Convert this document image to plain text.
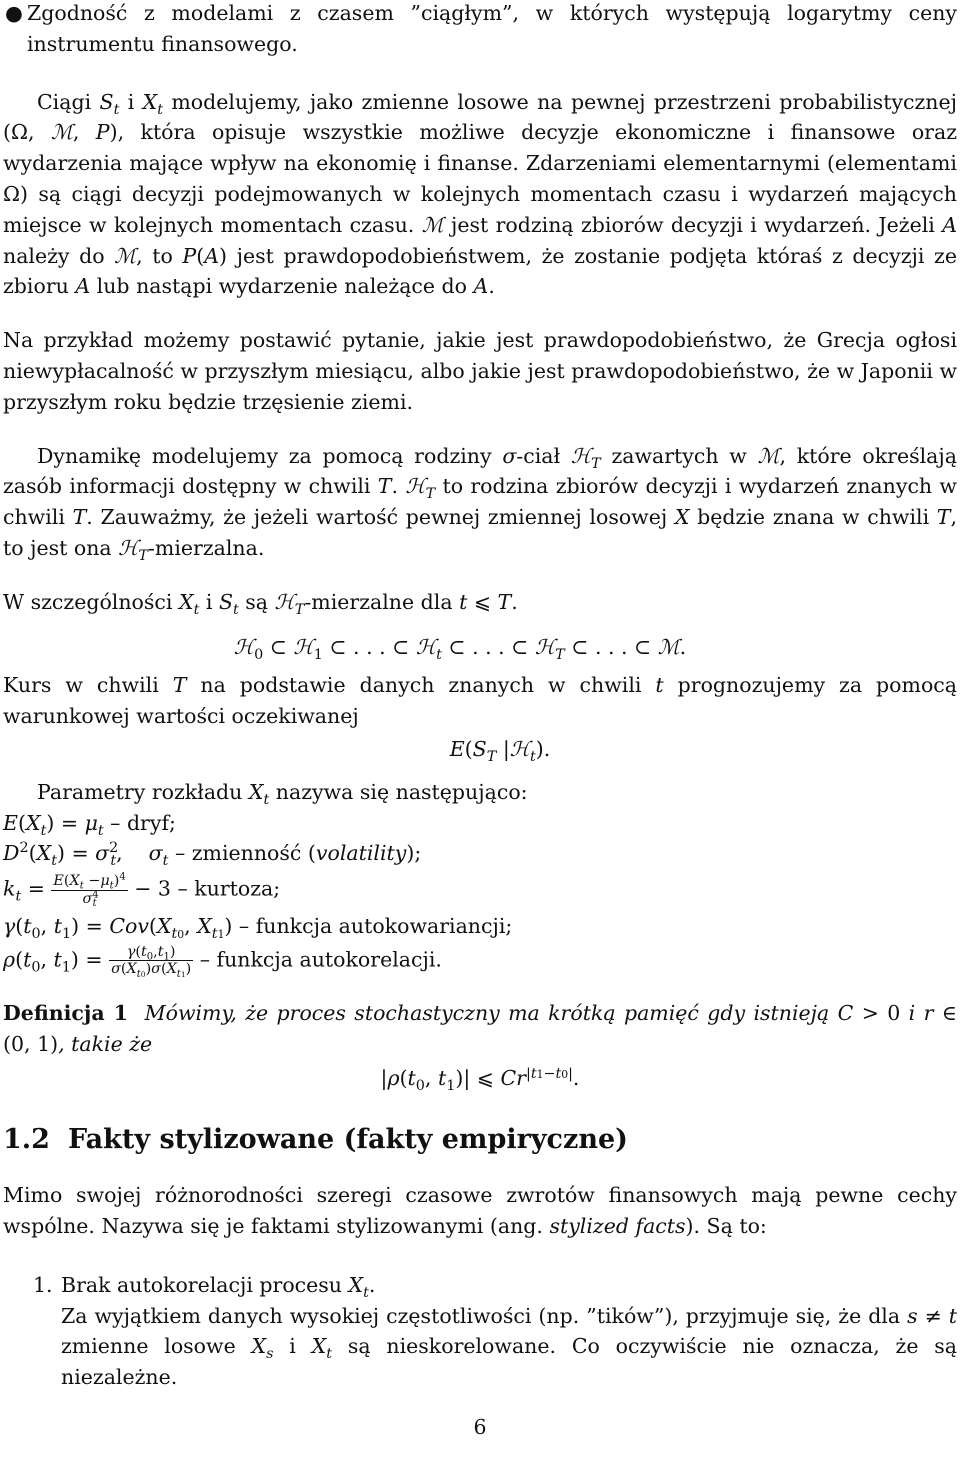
● Zgodność z modelami z czasem ”ciągłym”, w których występują logarytmy ceny instrumentu finansowego.

Ciągi $S_t$ i $X_t$ modelujemy, jako zmienne losowe na pewnej przestrzeni probabilistycznej (Ω, ℳ, P), która opisuje wszystkie możliwe decyzje ekonomiczne i finansowe oraz wydarzenia mające wpływ na ekonomię i finanse. Zdarzeniami elementarnymi (elementami Ω) są ciągi decyzji podejmowanych w kolejnych momentach czasu i wydarzeń mających miejsce w kolejnych momentach czasu. ℳ jest rodziną zbiorów decyzji i wydarzeń. Jeżeli A należy do ℳ, to P(A) jest prawdopodobieństwem, że zostanie podjęta któraś z decyzji ze zbioru A lub nastąpi wydarzenie należące do A.

Na przykład możemy postawić pytanie, jakie jest prawdopodobieństwo, że Grecja ogłosi niewypłacalność w przyszłym miesiącu, albo jakie jest prawdopodobieństwo, że w Japonii w przyszłym roku będzie trzęsienie ziemi.

Dynamikę modelujemy za pomocą rodziny σ-ciał ℋ$_T$ zawartych w ℳ, które określają zasób informacji dostępny w chwili T. ℋ$_T$ to rodzina zbiorów decyzji i wydarzeń znanych w chwili T. Zauważmy, że jeżeli wartość pewnej zmiennej losowej X będzie znana w chwili T, to jest ona ℋ$_T$-mierzalna.

W szczególności $X_t$ i $S_t$ są ℋ$_T$-mierzalne dla t ⩽ T.

ℋ$_0$ ⊂ ℋ$_1$ ⊂ . . . ⊂ ℋ$_t$ ⊂ . . . ⊂ ℋ$_T$ ⊂ . . . ⊂ ℳ.

Kurs w chwili T na podstawie danych znanych w chwili t prognozujemy za pomocą warunkowej wartości oczekiwanej

$E(S_T$ |ℋ$_t$).

Parametry rozkładu $X_t$ nazywa się następująco:

$E(X_t) = \mu_t$ – dryf;

$D^2(X_t) = \sigma^2_t$,    $\sigma_t$ – zmienność (volatility);

$k_t = \frac{E(X_t -\mu_t)^4}{\sigma^4_t} - 3$ – kurtoza;

$\gamma(t_0$, $t_1) = Cov(X_{t0}$, $X_{t1}$) – funkcja autokowariancji;

$\rho(t_0$, $t_1) = \frac{\gamma(t_0,t_1)}{\sigma(X_{t0})\sigma(X_{t1})}$ – funkcja autokorelacji.

Definicja 1 Mówimy, że proces stochastyczny ma krótką pamięć gdy istnieją C > 0 i r ∈ (0, 1), takie że

$|\rho(t_0$, $t_1)|$ ⩽ $Cr^{|t1-t0|}$.

1.2 Fakty stylizowane (fakty empiryczne)

Mimo swojej różnorodności szeregi czasowe zwrotów finansowych mają pewne cechy wspólne. Nazywa się je faktami stylizowanymi (ang. stylized facts). Są to:

1. Brak autokorelacji procesu $X_t$.
Za wyjątkiem danych wysokiej częstotliwości (np. ”tików”), przyjmuje się, że dla s ≠ t zmienne losowe $X_s$ i $X_t$ są nieskorelowane. Co oczywiście nie oznacza, że są niezależne.
6
